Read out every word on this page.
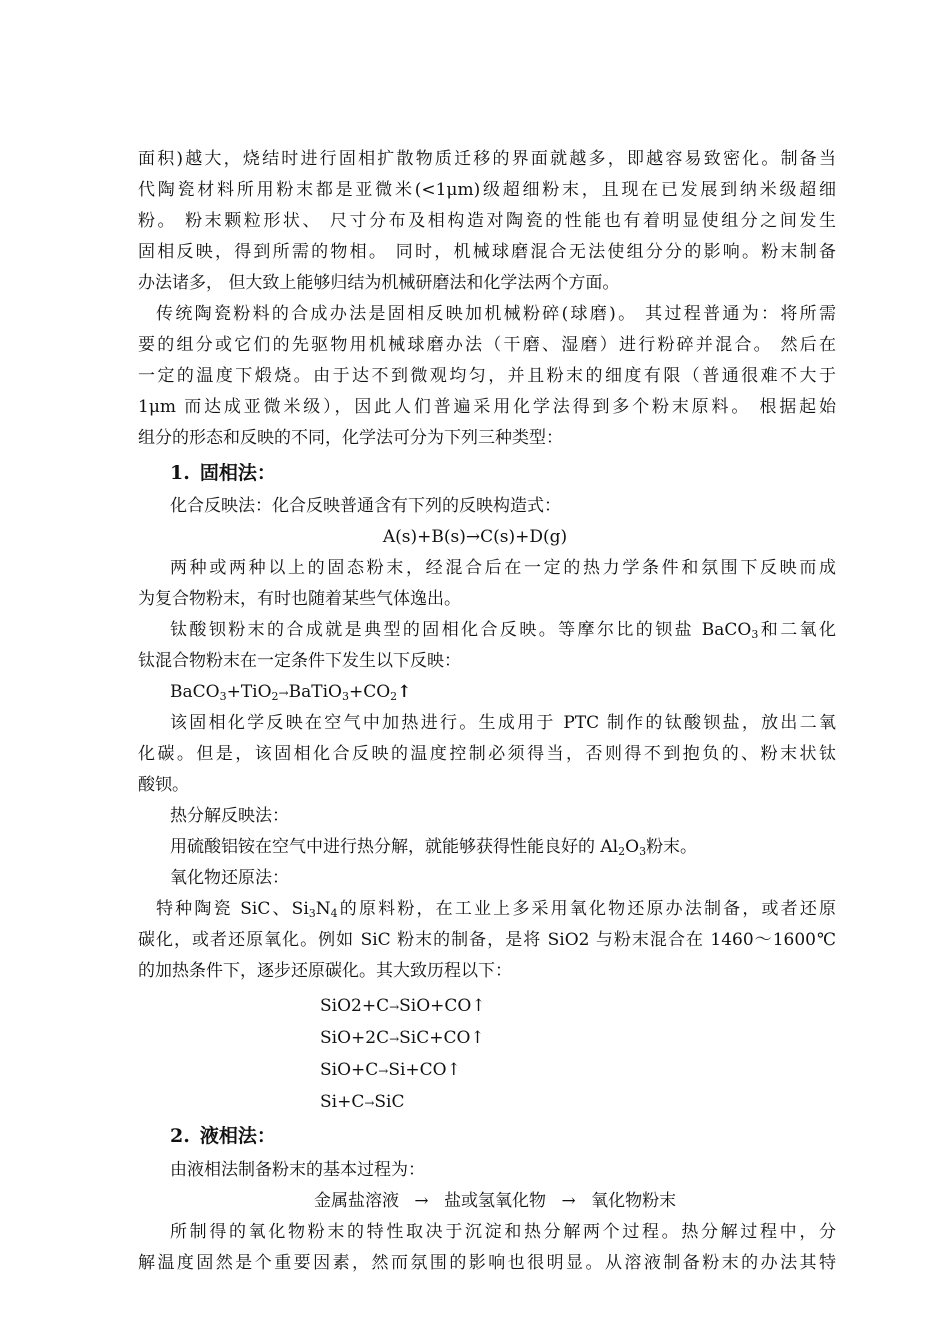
面积)越大，烧结时进行固相扩散物质迁移的界面就越多，即越容易致密化。制备当
代陶瓷材料所用粉末都是亚微米(<1μm)级超细粉末，且现在已发展到纳米级超细
粉。 粉末颗粒形状、 尺寸分布及相构造对陶瓷的性能也有着明显使组分之间发生
固相反映，得到所需的物相。 同时，机械球磨混合无法使组分分的影响。粉末制备
办法诸多， 但大致上能够归结为机械研磨法和化学法两个方面。
传统陶瓷粉料的合成办法是固相反映加机械粉碎(球磨)。 其过程普通为：将所需
要的组分或它们的先驱物用机械球磨办法（干磨、湿磨）进行粉碎并混合。 然后在
一定的温度下煅烧。由于达不到微观均匀，并且粉末的细度有限（普通很难不大于
1μm 而达成亚微米级），因此人们普遍采用化学法得到多个粉末原料。 根据起始
组分的形态和反映的不同，化学法可分为下列三种类型：
1. 固相法：
化合反映法：化合反映普通含有下列的反映构造式：
A(s)+B(s)→C(s)+D(g)
两种或两种以上的固态粉末，经混合后在一定的热力学条件和氛围下反映而成
为复合物粉末，有时也随着某些气体逸出。
钛酸钡粉末的合成就是典型的固相化合反映。等摩尔比的钡盐 BaCO$_3$和二氧化
钛混合物粉末在一定条件下发生以下反映：
$BaCO_3+TiO_2\to BaTiO_3+CO_2↑$
该固相化学反映在空气中加热进行。生成用于 PTC 制作的钛酸钡盐，放出二氧
化碳。但是，该固相化合反映的温度控制必须得当，否则得不到抱负的、粉末状钛
酸钡。
热分解反映法：
用硫酸铝铵在空气中进行热分解，就能够获得性能良好的 $Al_2O_3$粉末。
氧化物还原法：
特种陶瓷 SiC、$Si_3N_4$的原料粉，在工业上多采用氧化物还原办法制备，或者还原
碳化，或者还原氧化。例如 SiC 粉末的制备，是将 SiO2 与粉末混合在 1460～1600℃
的加热条件下，逐步还原碳化。其大致历程以下：
SiO2+C→SiO+CO↑
SiO+2C→SiC+CO↑
SiO+C→Si+CO↑
Si+C→SiC
2. 液相法：
由液相法制备粉末的基本过程为：
金属盐溶液 → 盐或氢氧化物 → 氧化物粉末
所制得的氧化物粉末的特性取决于沉淀和热分解两个过程。热分解过程中，分
解温度固然是个重要因素，然而氛围的影响也很明显。从溶液制备粉末的办法其特
